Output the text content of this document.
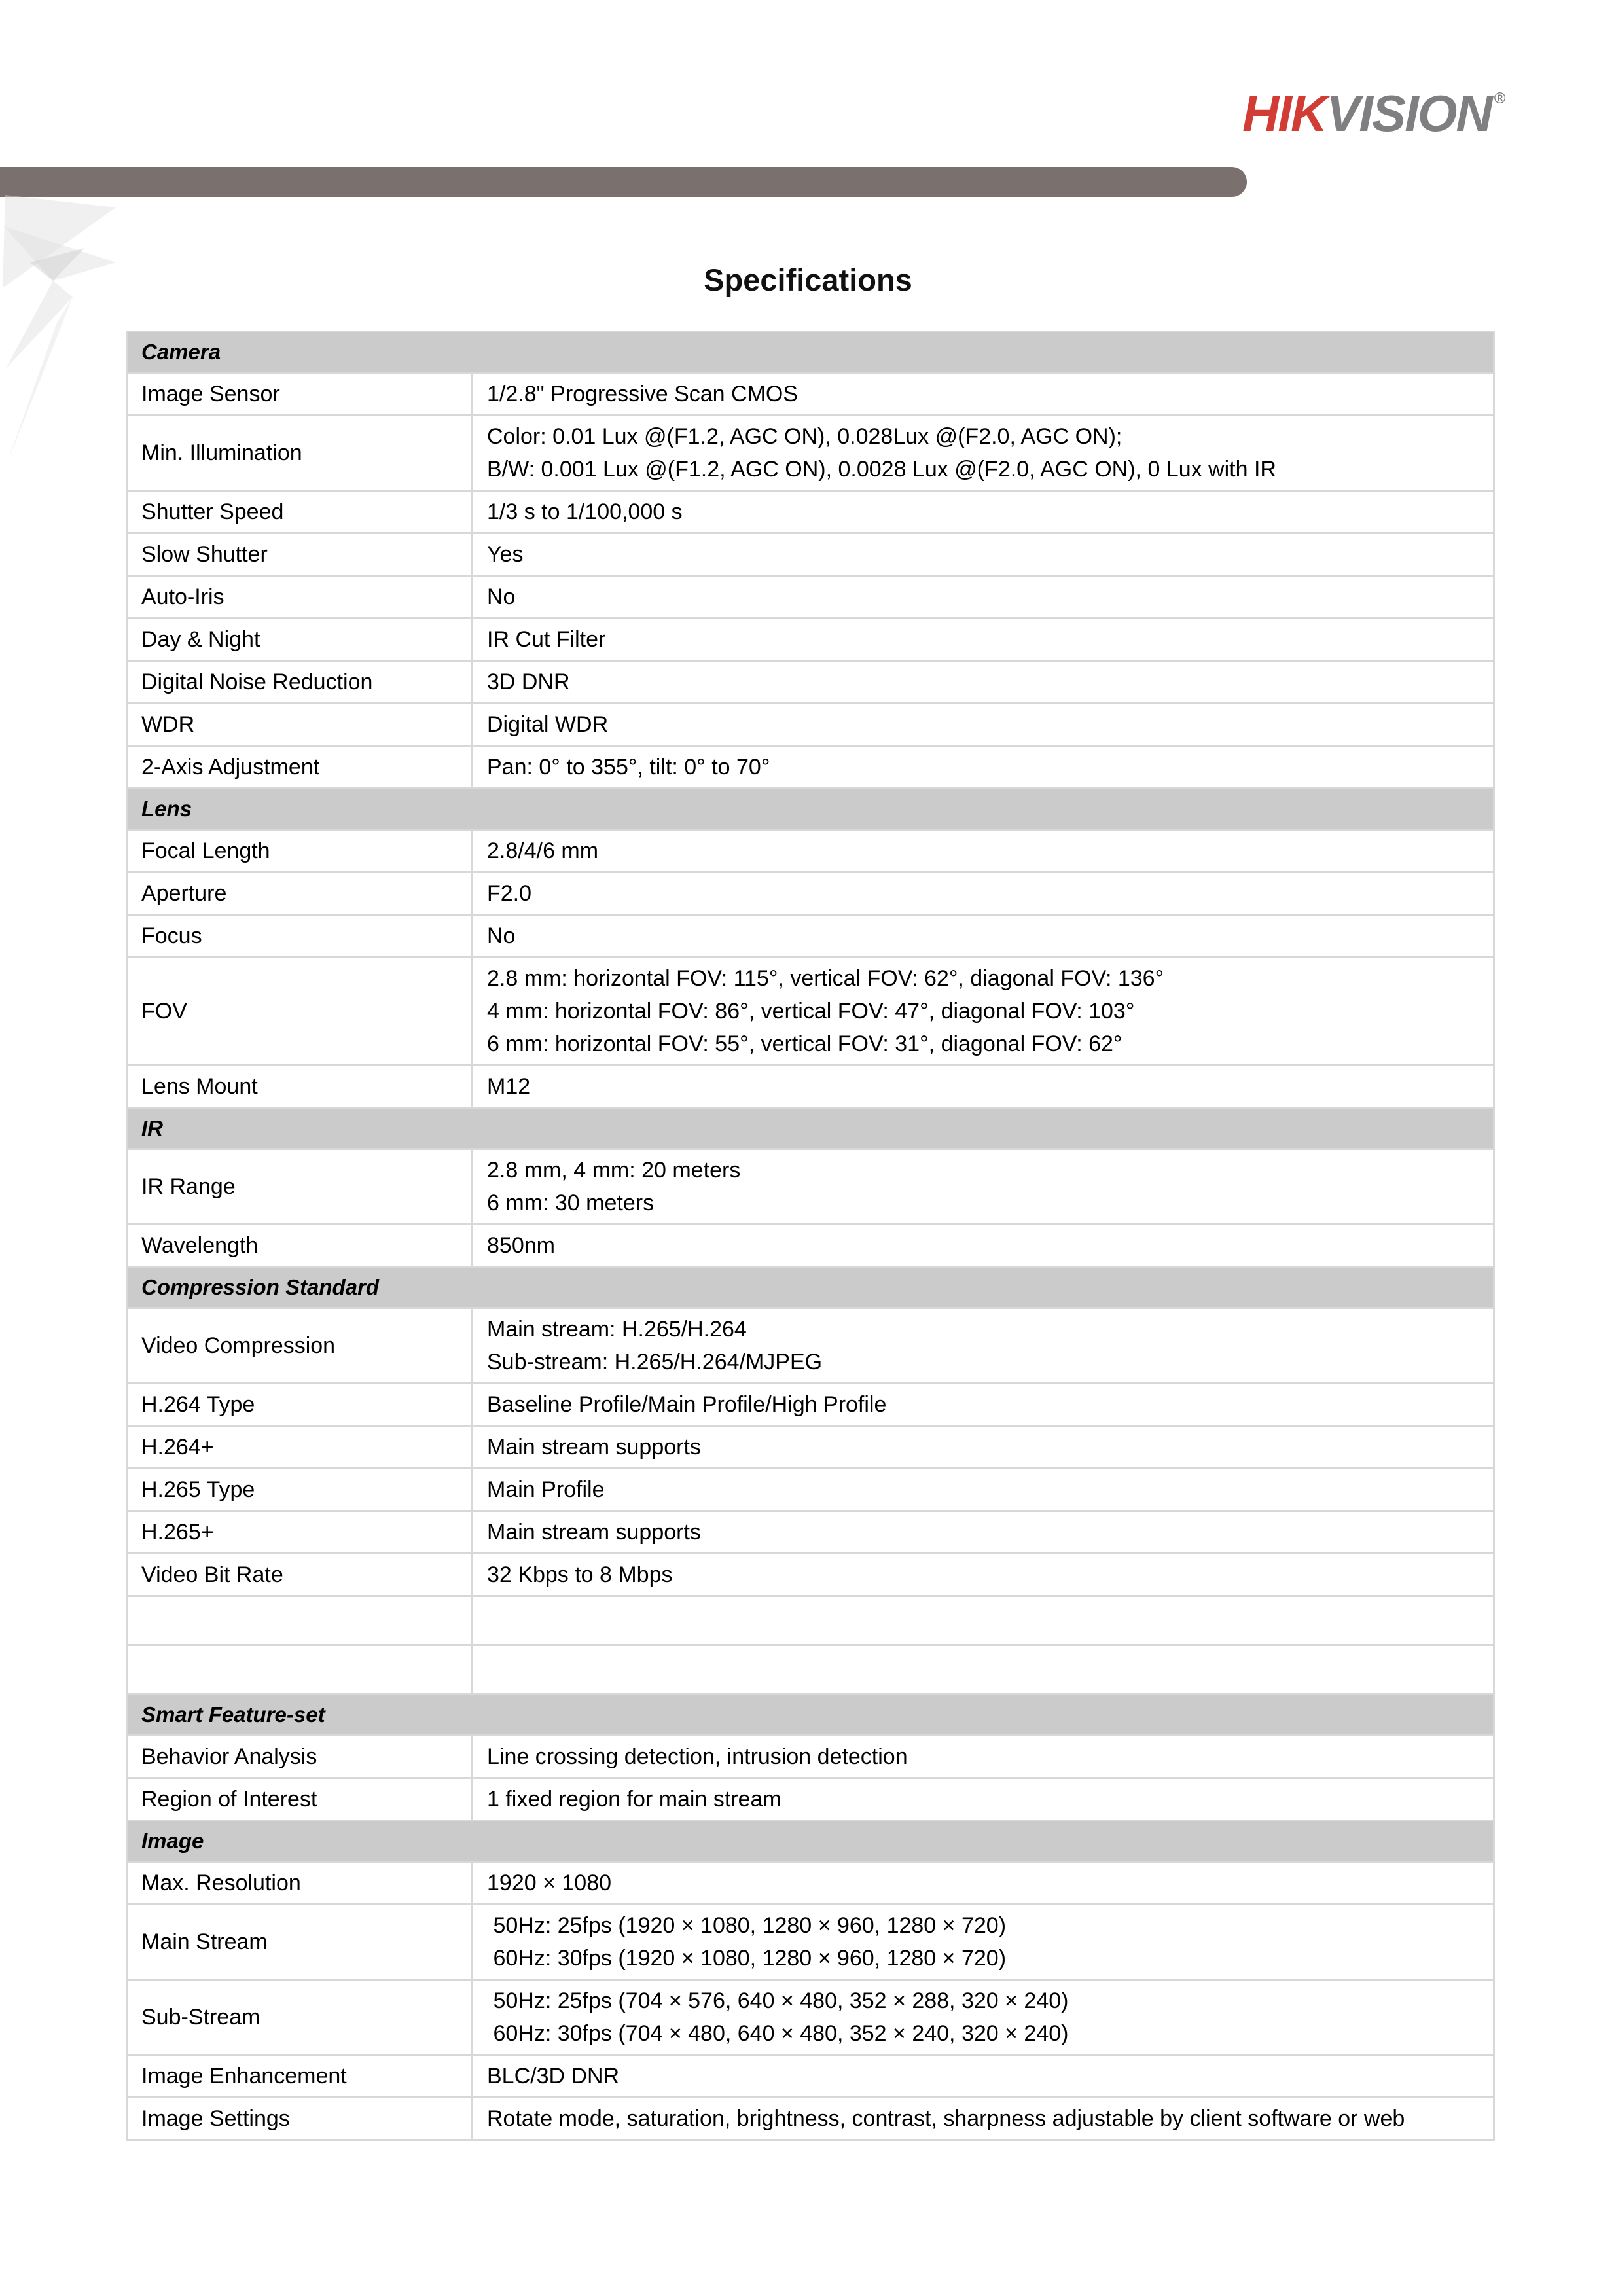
HIKVISION ®
Specifications
Camera	
Image Sensor	1/2.8" Progressive Scan CMOS

Min. Illumination	Color: 0.01 Lux @(F1.2, AGC ON), 0.028Lux @(F2.0, AGC ON);
B/W: 0.001 Lux @(F1.2, AGC ON), 0.0028 Lux @(F2.0, AGC ON), 0 Lux with IR

Shutter Speed	1/3 s to 1/100,000 s

Slow Shutter	Yes

Auto-Iris	No

Day & Night	IR Cut Filter

Digital Noise Reduction	3D DNR

WDR	Digital WDR

2-Axis Adjustment	Pan: 0° to 355°, tilt: 0° to 70°

Lens	
Focal Length	2.8/4/6 mm

Aperture	F2.0

Focus	No

FOV	2.8 mm: horizontal FOV: 115°, vertical FOV: 62°, diagonal FOV: 136°
4 mm: horizontal FOV: 86°, vertical FOV: 47°, diagonal FOV: 103°
6 mm: horizontal FOV: 55°, vertical FOV: 31°, diagonal FOV: 62°

Lens Mount	M12

IR	
IR Range	2.8 mm, 4 mm: 20 meters
6 mm: 30 meters

Wavelength	850nm

Compression Standard	
Video Compression	Main stream: H.265/H.264
Sub-stream: H.265/H.264/MJPEG

H.264 Type	Baseline Profile/Main Profile/High Profile

H.264+	Main stream supports

H.265 Type	Main Profile

H.265+	Main stream supports

Video Bit Rate	32 Kbps to 8 Mbps

Smart Feature-set	
Behavior Analysis	Line crossing detection, intrusion detection

Region of Interest	1 fixed region for main stream

Image	
Max. Resolution	1920 × 1080

Main Stream	50Hz: 25fps (1920 × 1080, 1280 × 960, 1280 × 720)
60Hz: 30fps (1920 × 1080, 1280 × 960, 1280 × 720)

Sub-Stream	50Hz: 25fps (704 × 576, 640 × 480, 352 × 288, 320 × 240)
60Hz: 30fps (704 × 480, 640 × 480, 352 × 240, 320 × 240)

Image Enhancement	BLC/3D DNR

Image Settings	Rotate mode, saturation, brightness, contrast, sharpness adjustable by client software or web
